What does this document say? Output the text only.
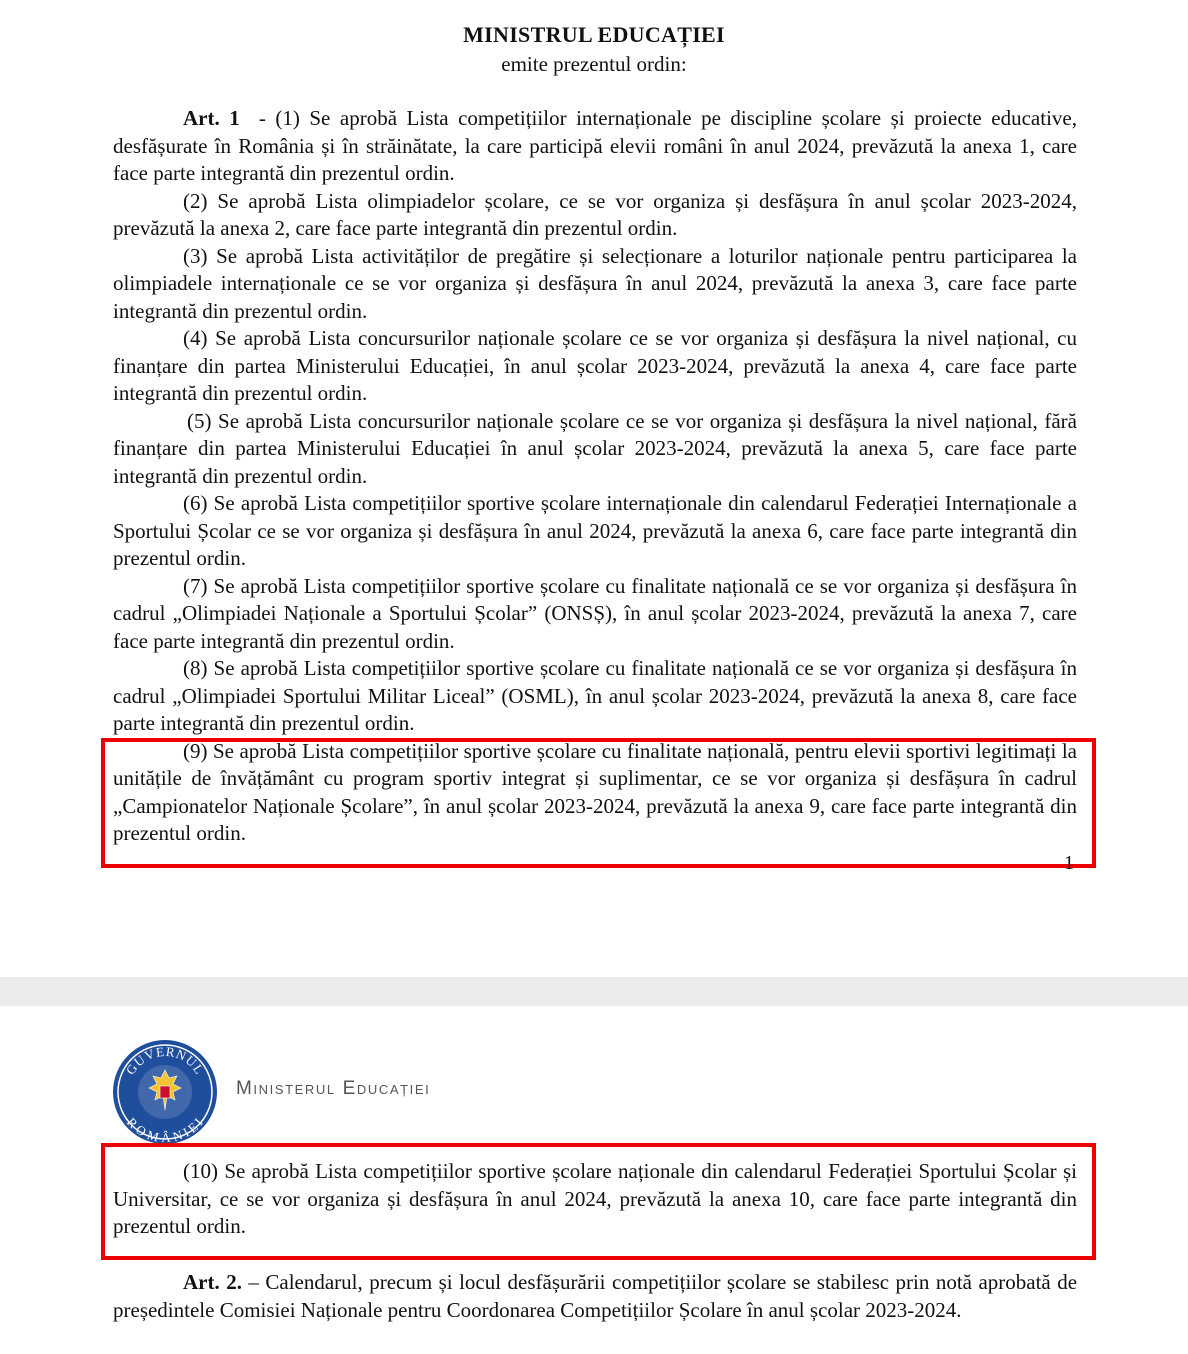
MINISTRUL EDUCAȚIEI
emite prezentul ordin:

Art. 1  - (1) Se aprobă Lista competițiilor internaționale pe discipline școlare și proiecte educative, desfășurate în România și în străinătate, la care participă elevii români în anul 2024, prevăzută la anexa 1, care face parte integrantă din prezentul ordin.

(2) Se aprobă Lista olimpiadelor școlare, ce se vor organiza și desfășura în anul școlar 2023-2024, prevăzută la anexa 2, care face parte integrantă din prezentul ordin.

(3) Se aprobă Lista activităților de pregătire și selecționare a loturilor naționale pentru participarea la olimpiadele internaționale ce se vor organiza și desfășura în anul 2024, prevăzută la anexa 3, care face parte integrantă din prezentul ordin.

(4) Se aprobă Lista concursurilor naționale școlare ce se vor organiza și desfășura la nivel național, cu finanțare din partea Ministerului Educației, în anul școlar 2023-2024, prevăzută la anexa 4, care face parte integrantă din prezentul ordin.

(5) Se aprobă Lista concursurilor naționale școlare ce se vor organiza și desfășura la nivel național, fără finanțare din partea Ministerului Educației în anul școlar 2023-2024, prevăzută la anexa 5, care face parte integrantă din prezentul ordin.

(6) Se aprobă Lista competițiilor sportive școlare internaționale din calendarul Federației Internaționale a Sportului Școlar ce se vor organiza și desfășura în anul 2024, prevăzută la anexa 6, care face parte integrantă din prezentul ordin.

(7) Se aprobă Lista competițiilor sportive școlare cu finalitate națională ce se vor organiza și desfășura în cadrul „Olimpiadei Naționale a Sportului Școlar” (ONSȘ), în anul școlar 2023-2024, prevăzută la anexa 7, care face parte integrantă din prezentul ordin.

(8) Se aprobă Lista competițiilor sportive școlare cu finalitate națională ce se vor organiza și desfășura în cadrul „Olimpiadei Sportului Militar Liceal” (OSML), în anul școlar 2023-2024, prevăzută la anexa 8, care face parte integrantă din prezentul ordin.

(9) Se aprobă Lista competițiilor sportive școlare cu finalitate națională, pentru elevii sportivi legitimați la unitățile de învățământ cu program sportiv integrat și suplimentar, ce se vor organiza și desfășura în cadrul „Campionatelor Naționale Școlare”, în anul școlar 2023-2024, prevăzută la anexa 9, care face parte integrantă din prezentul ordin.

1
GUVERNUL
ROMÂNIEI
Ministerul Educației

(10) Se aprobă Lista competițiilor sportive școlare naționale din calendarul Federației Sportului Școlar și Universitar, ce se vor organiza și desfășura în anul 2024, prevăzută la anexa 10, care face parte integrantă din prezentul ordin.

Art. 2. – Calendarul, precum și locul desfășurării competițiilor școlare se stabilesc prin notă aprobată de președintele Comisiei Naționale pentru Coordonarea Competițiilor Școlare în anul școlar 2023-2024.
